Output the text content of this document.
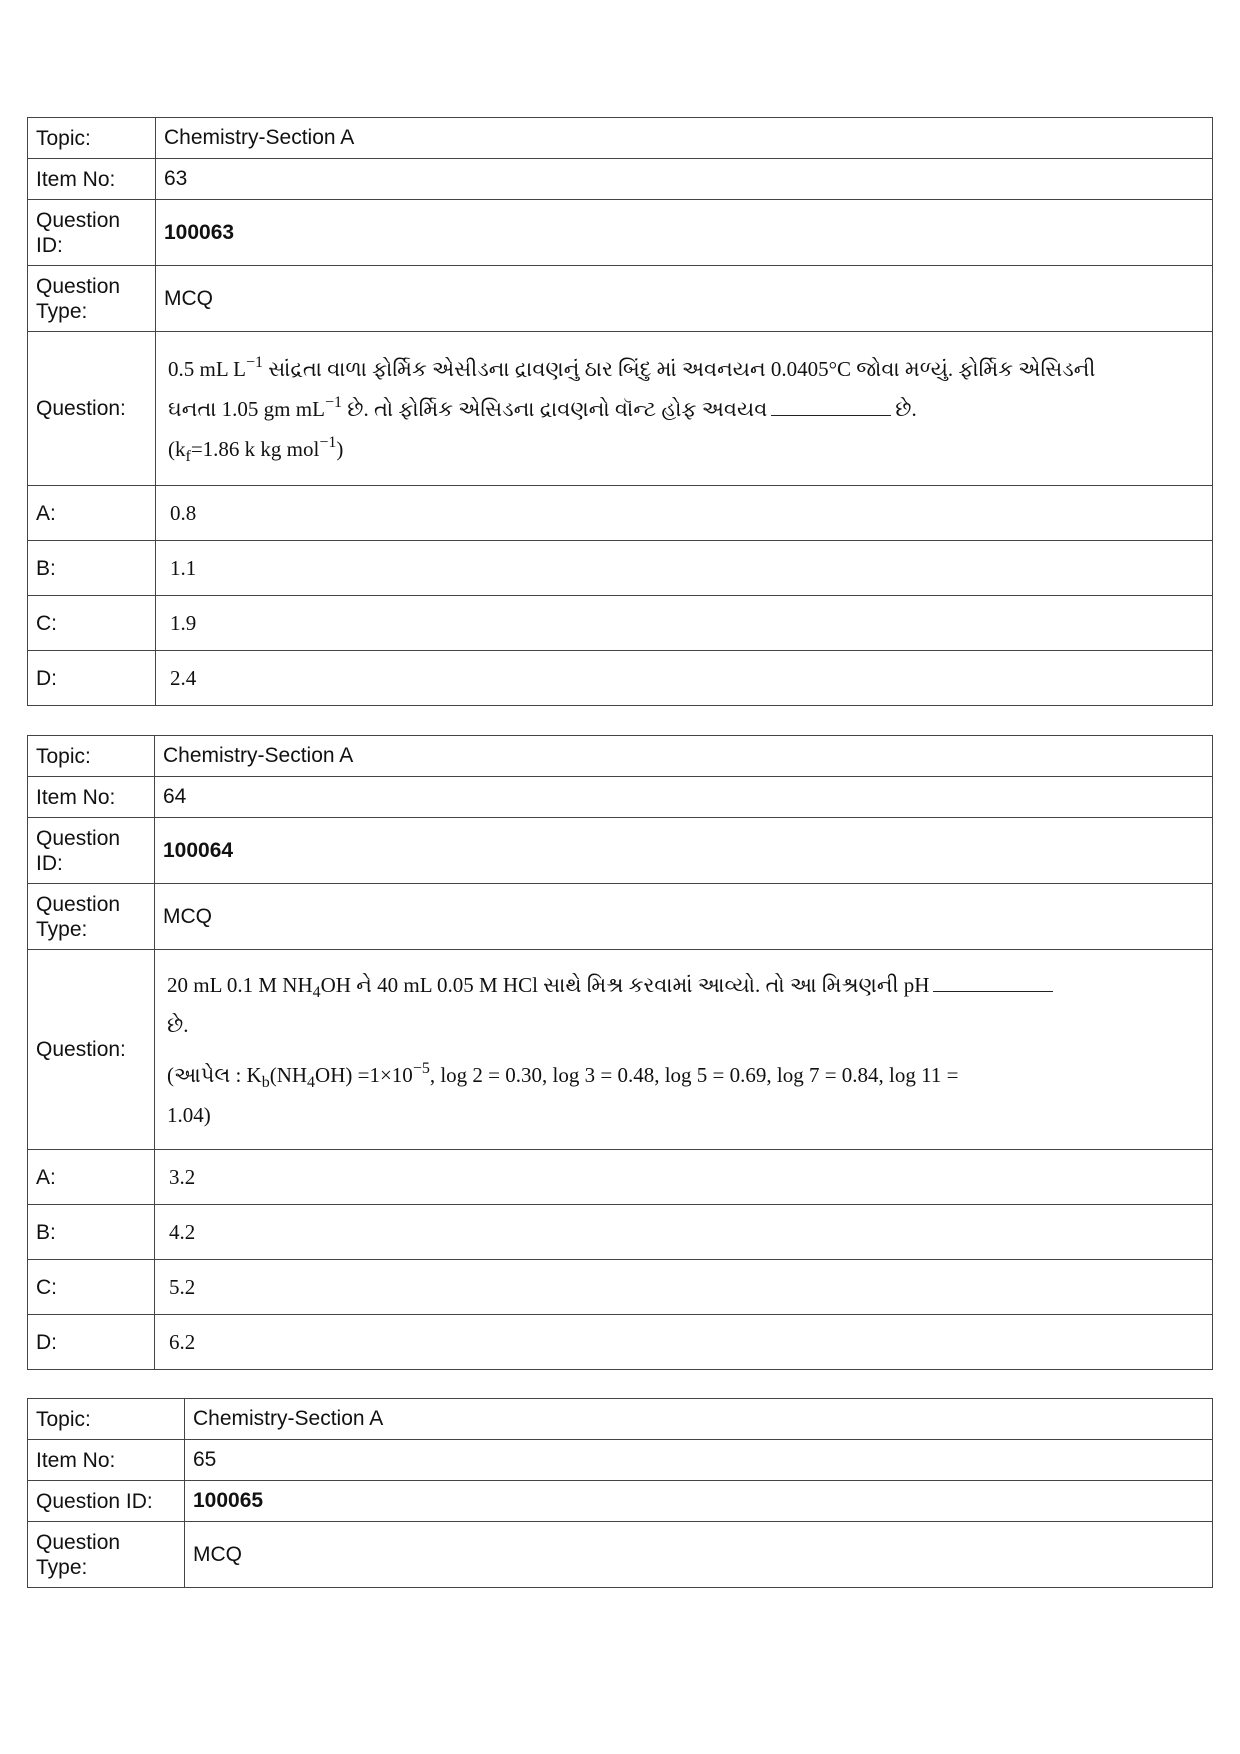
Topic:	Chemistry-Section A
Item No:	63
Question ID:	100063
Question Type:	MCQ
Question:	0.5 mL $L^{-1}$ સાંદ્રતા વાળા ફોર્મિક એસીડના દ્રાવણનું ઠાર બિંદુ માં અવનયન 0.0405°C જોવા મળ્યું. ફોર્મિક એસિડની
ઘનતા 1.05 gm $mL^{-1}$ છે. તો ફોર્મિક એસિડના દ્રાવણનો વૉન્ટ હોફ અવયવ છે.
($k_f=1.86$ k kg mol$^{-1}$)

A:	0.8
B:	1.1
C:	1.9
D:	2.4
Topic:	Chemistry-Section A
Item No:	64
Question ID:	100064
Question Type:	MCQ
Question:	20 mL 0.1 M $NH_4OH$ ને 40 mL 0.05 M HCl સાથે મિશ્ર કરવામાં આવ્યો. તો આ મિશ્રણની pH
છે.
(આપેલ : $K_b(NH_4OH) =1\times 10^{-5}$, log 2 = 0.30, log 3 = 0.48, log 5 = 0.69, log 7 = 0.84, log 11 =
1.04)

A:	3.2
B:	4.2
C:	5.2
D:	6.2
Topic:	Chemistry-Section A
Item No:	65
Question ID:	100065
Question Type:	MCQ
